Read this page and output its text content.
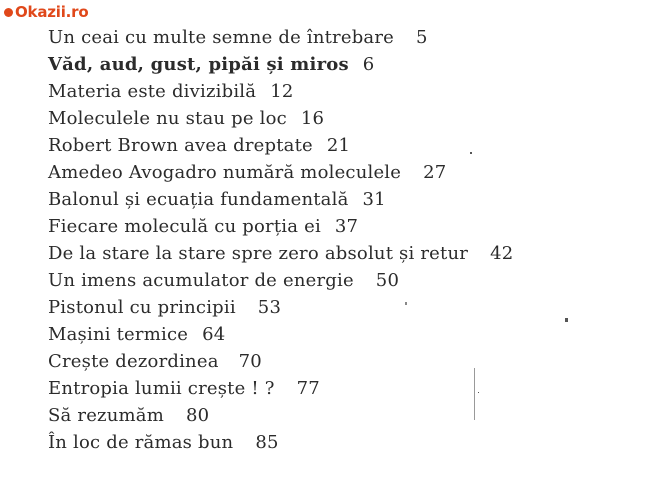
Okazii.ro
Un ceai cu multe semne de întrebare 5
Văd, aud, gust, pipăi și miros 6
Materia este divizibilă 12
Moleculele nu stau pe loc 16
Robert Brown avea dreptate 21
Amedeo Avogadro numără moleculele 27
Balonul și ecuația fundamentală 31
Fiecare moleculă cu porția ei 37
De la stare la stare spre zero absolut și retur 42
Un imens acumulator de energie 50
Pistonul cu principii 53
Mașini termice 64
Crește dezordinea 70
Entropia lumii crește ! ? 77
Să rezumăm 80
În loc de rămas bun 85
